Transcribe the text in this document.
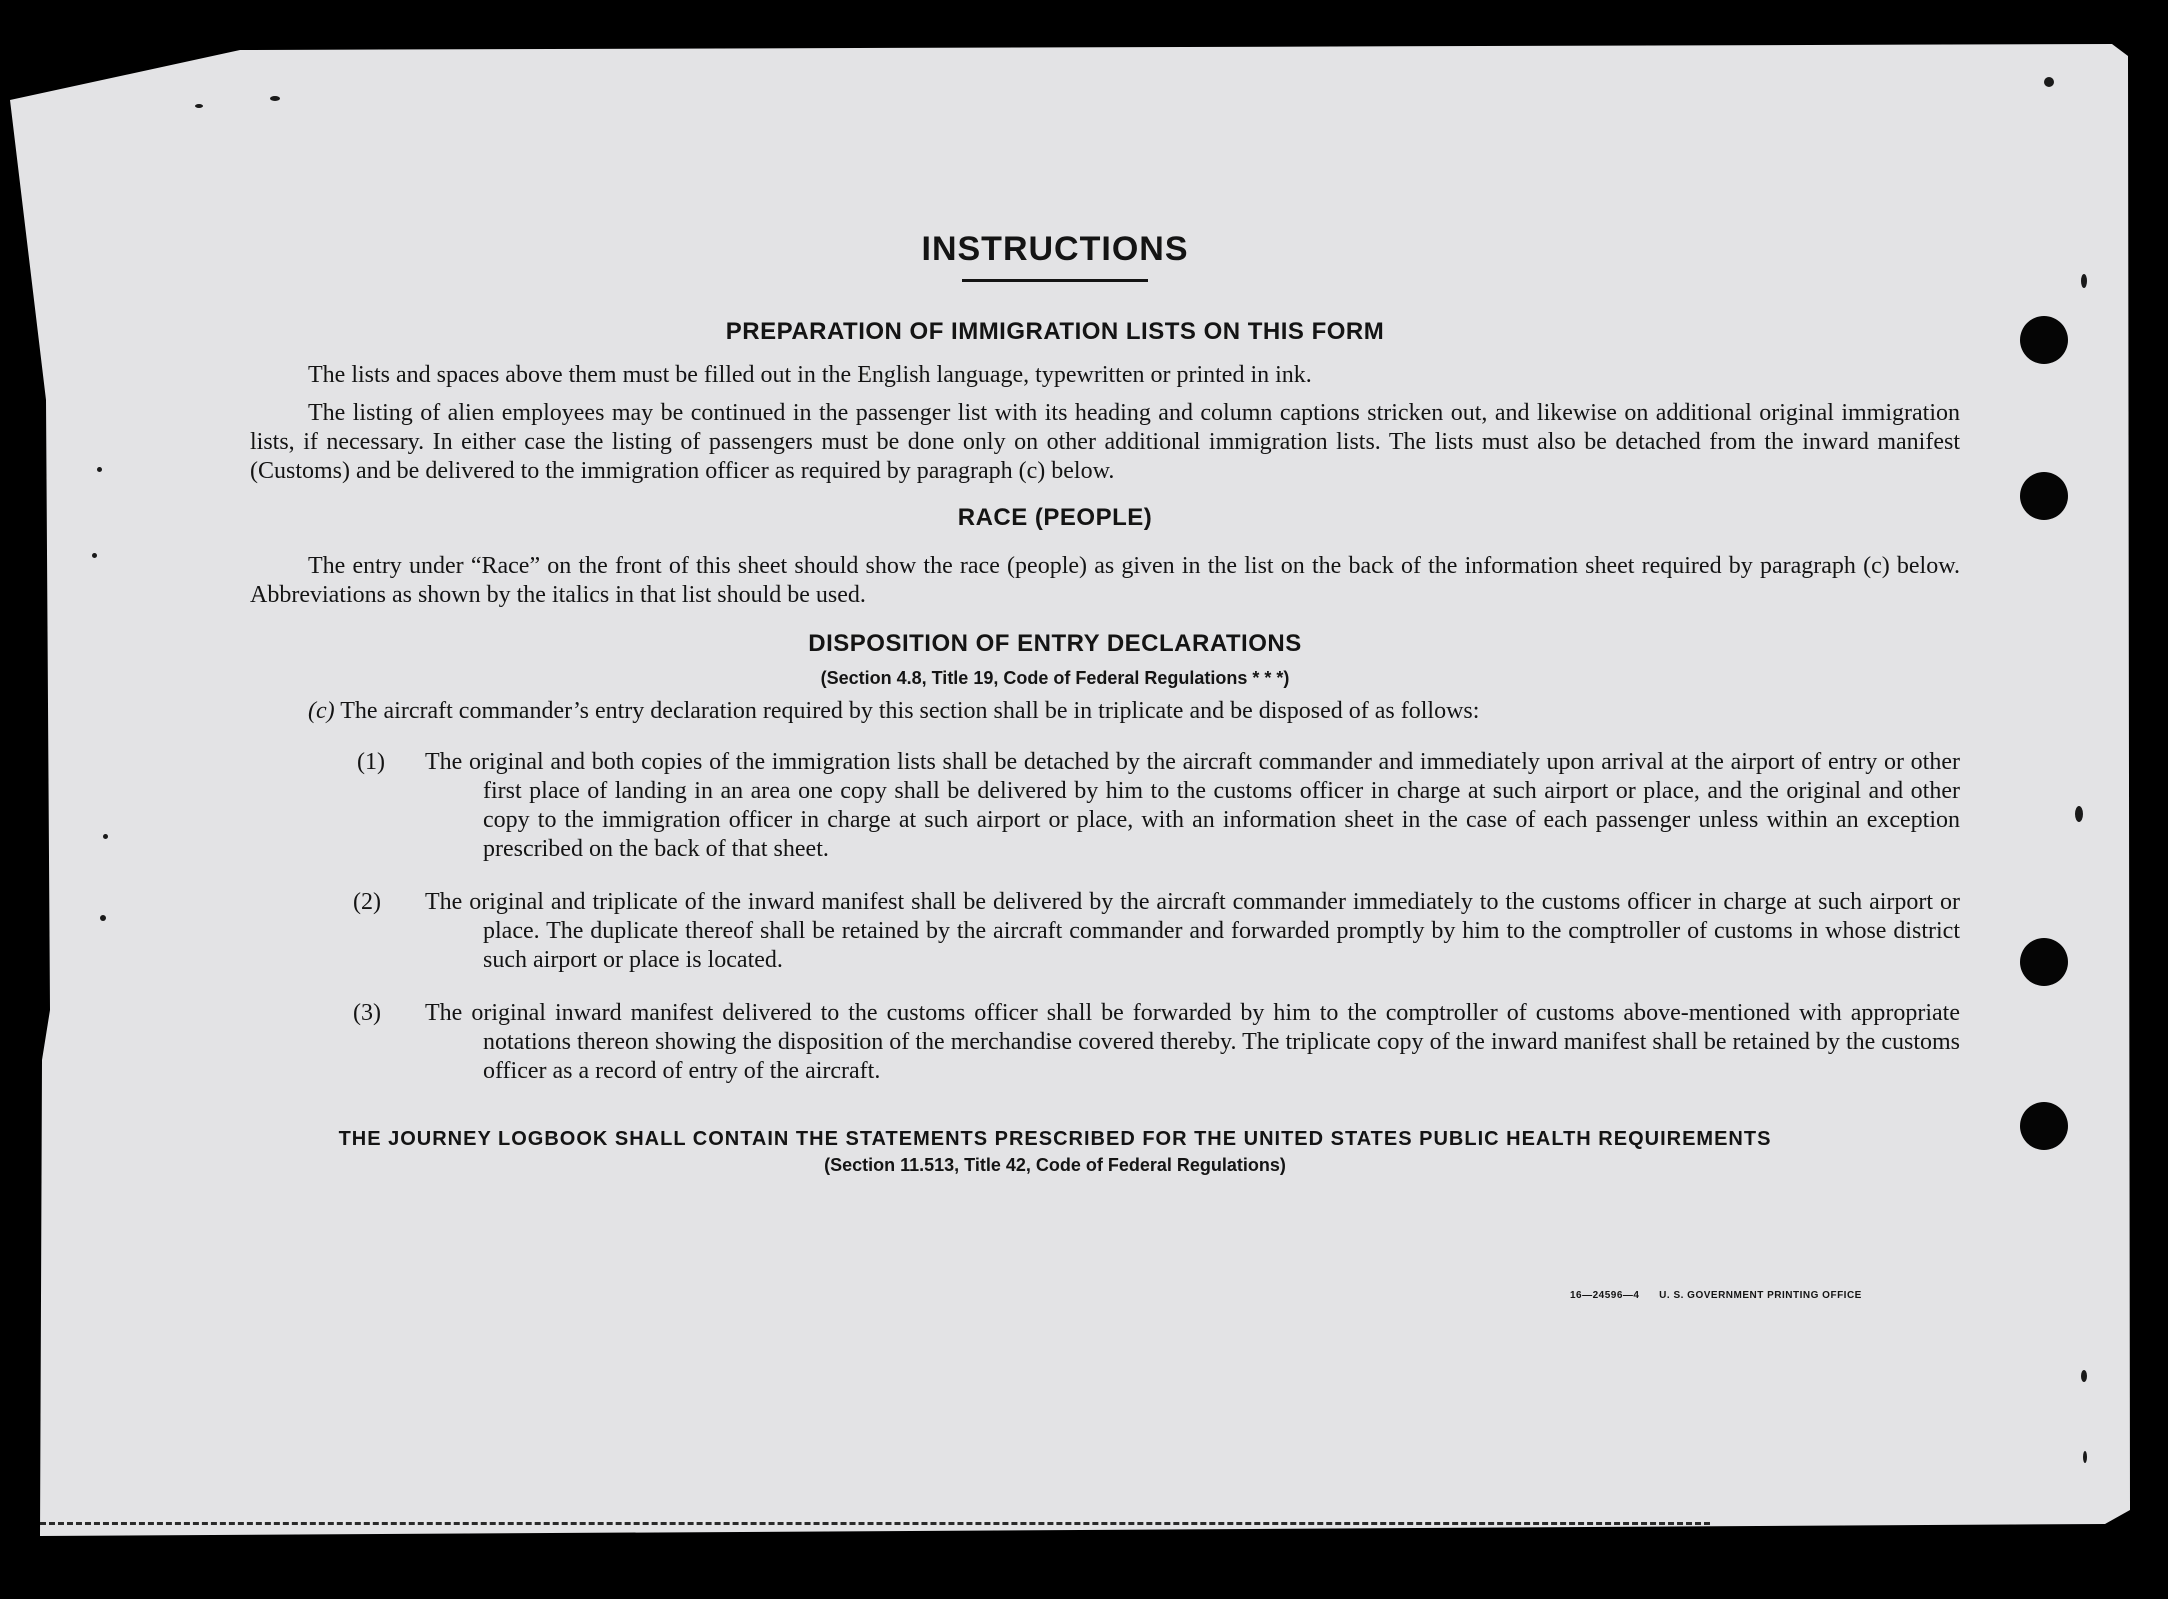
INSTRUCTIONS
PREPARATION OF IMMIGRATION LISTS ON THIS FORM

The lists and spaces above them must be filled out in the English language, typewritten or printed in ink.

The listing of alien employees may be continued in the passenger list with its heading and column captions stricken out, and likewise on additional original immigration lists, if necessary. In either case the listing of passengers must be done only on other additional immigration lists. The lists must also be detached from the inward manifest (Customs) and be delivered to the immigration officer as required by paragraph (c) below.

RACE (PEOPLE)

The entry under “Race” on the front of this sheet should show the race (people) as given in the list on the back of the information sheet required by paragraph (c) below. Abbreviations as shown by the italics in that list should be used.

DISPOSITION OF ENTRY DECLARATIONS
(Section 4.8, Title 19, Code of Federal Regulations * * *)

(c) The aircraft commander’s entry declaration required by this section shall be in triplicate and be disposed of as follows:

(1) The original and both copies of the immigration lists shall be detached by the aircraft commander and immediately upon arrival at the airport of entry or other first place of landing in an area one copy shall be delivered by him to the customs officer in charge at such airport or place, and the original and other copy to the immigration officer in charge at such airport or place, with an information sheet in the case of each passenger unless within an exception prescribed on the back of that sheet.
(2) The original and triplicate of the inward manifest shall be delivered by the aircraft commander immediately to the customs officer in charge at such airport or place. The duplicate thereof shall be retained by the aircraft commander and forwarded promptly by him to the comptroller of customs in whose district such airport or place is located.
(3) The original inward manifest delivered to the customs officer shall be forwarded by him to the comptroller of customs above-mentioned with appropriate notations thereon showing the disposition of the merchandise covered thereby. The triplicate copy of the inward manifest shall be retained by the customs officer as a record of entry of the aircraft.
THE JOURNEY LOGBOOK SHALL CONTAIN THE STATEMENTS PRESCRIBED FOR THE UNITED STATES PUBLIC HEALTH REQUIREMENTS
(Section 11.513, Title 42, Code of Federal Regulations)
16—24596—4 U. S. GOVERNMENT PRINTING OFFICE
